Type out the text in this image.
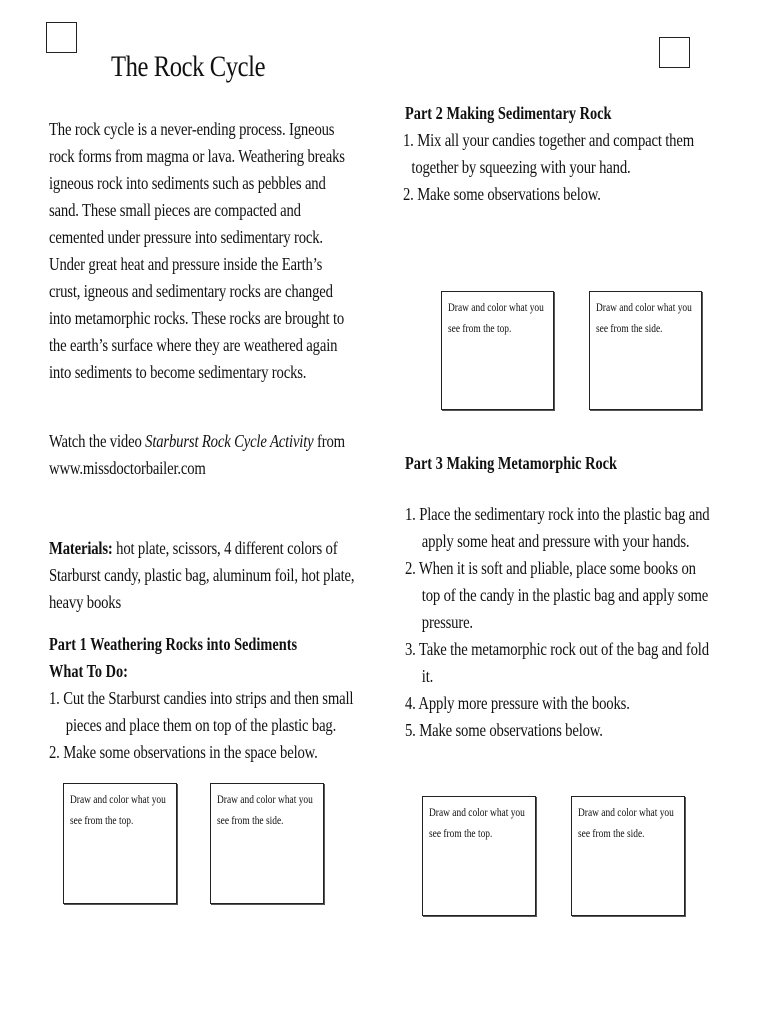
The Rock Cycle
The rock cycle is a never-ending process. Igneous
rock forms from magma or lava. Weathering breaks
igneous rock into sediments such as pebbles and
sand. These small pieces are compacted and
cemented under pressure into sedimentary rock.
Under great heat and pressure inside the Earth’s
crust, igneous and sedimentary rocks are changed
into metamorphic rocks. These rocks are brought to
the earth’s surface where they are weathered again
into sediments to become sedimentary rocks.
Watch the video Starburst Rock Cycle Activity from
www.missdoctorbailer.com
Materials: hot plate, scissors, 4 different colors of
Starburst candy, plastic bag, aluminum foil, hot plate,
heavy books
Part 1 Weathering Rocks into Sediments
What To Do:
1. Cut the Starburst candies into strips and then small
pieces and place them on top of the plastic bag.
2. Make some observations in the space below.
Draw and color what you
see from the top.
Draw and color what you
see from the side.
Part 2 Making Sedimentary Rock
1. Mix all your candies together and compact them
together by squeezing with your hand.
2. Make some observations below.
Draw and color what you
see from the top.
Draw and color what you
see from the side.
Part 3 Making Metamorphic Rock
1. Place the sedimentary rock into the plastic bag and
apply some heat and pressure with your hands.
2. When it is soft and pliable, place some books on
top of the candy in the plastic bag and apply some
pressure.
3. Take the metamorphic rock out of the bag and fold
it.
4. Apply more pressure with the books.
5. Make some observations below.
Draw and color what you
see from the top.
Draw and color what you
see from the side.
